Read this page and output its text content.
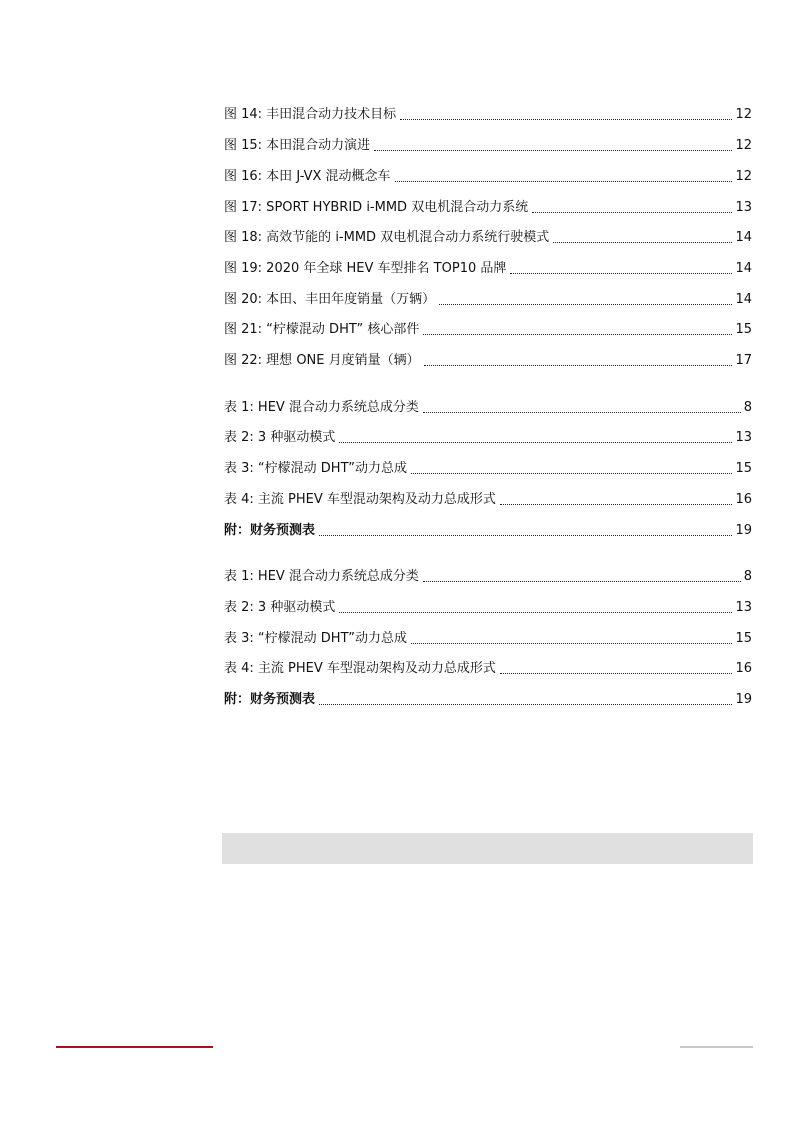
图 14: 丰田混合动力技术目标	12
图 15: 本田混合动力演进	12
图 16: 本田 J-VX 混动概念车	12
图 17: SPORT HYBRID i-MMD 双电机混合动力系统	13
图 18: 高效节能的 i-MMD 双电机混合动力系统行驶模式	14
图 19: 2020 年全球 HEV 车型排名 TOP10 品牌	14
图 20: 本田、丰田年度销量（万辆）	14
图 21: “柠檬混动 DHT” 核心部件	15
图 22: 理想 ONE 月度销量（辆）	17
表 1: HEV 混合动力系统总成分类	8
表 2: 3 种驱动模式	13
表 3: “柠檬混动 DHT”动力总成	15
表 4: 主流 PHEV 车型混动架构及动力总成形式	16
附：财务预测表	19
表 1: HEV 混合动力系统总成分类	8
表 2: 3 种驱动模式	13
表 3: “柠檬混动 DHT”动力总成	15
表 4: 主流 PHEV 车型混动架构及动力总成形式	16
附：财务预测表	19
